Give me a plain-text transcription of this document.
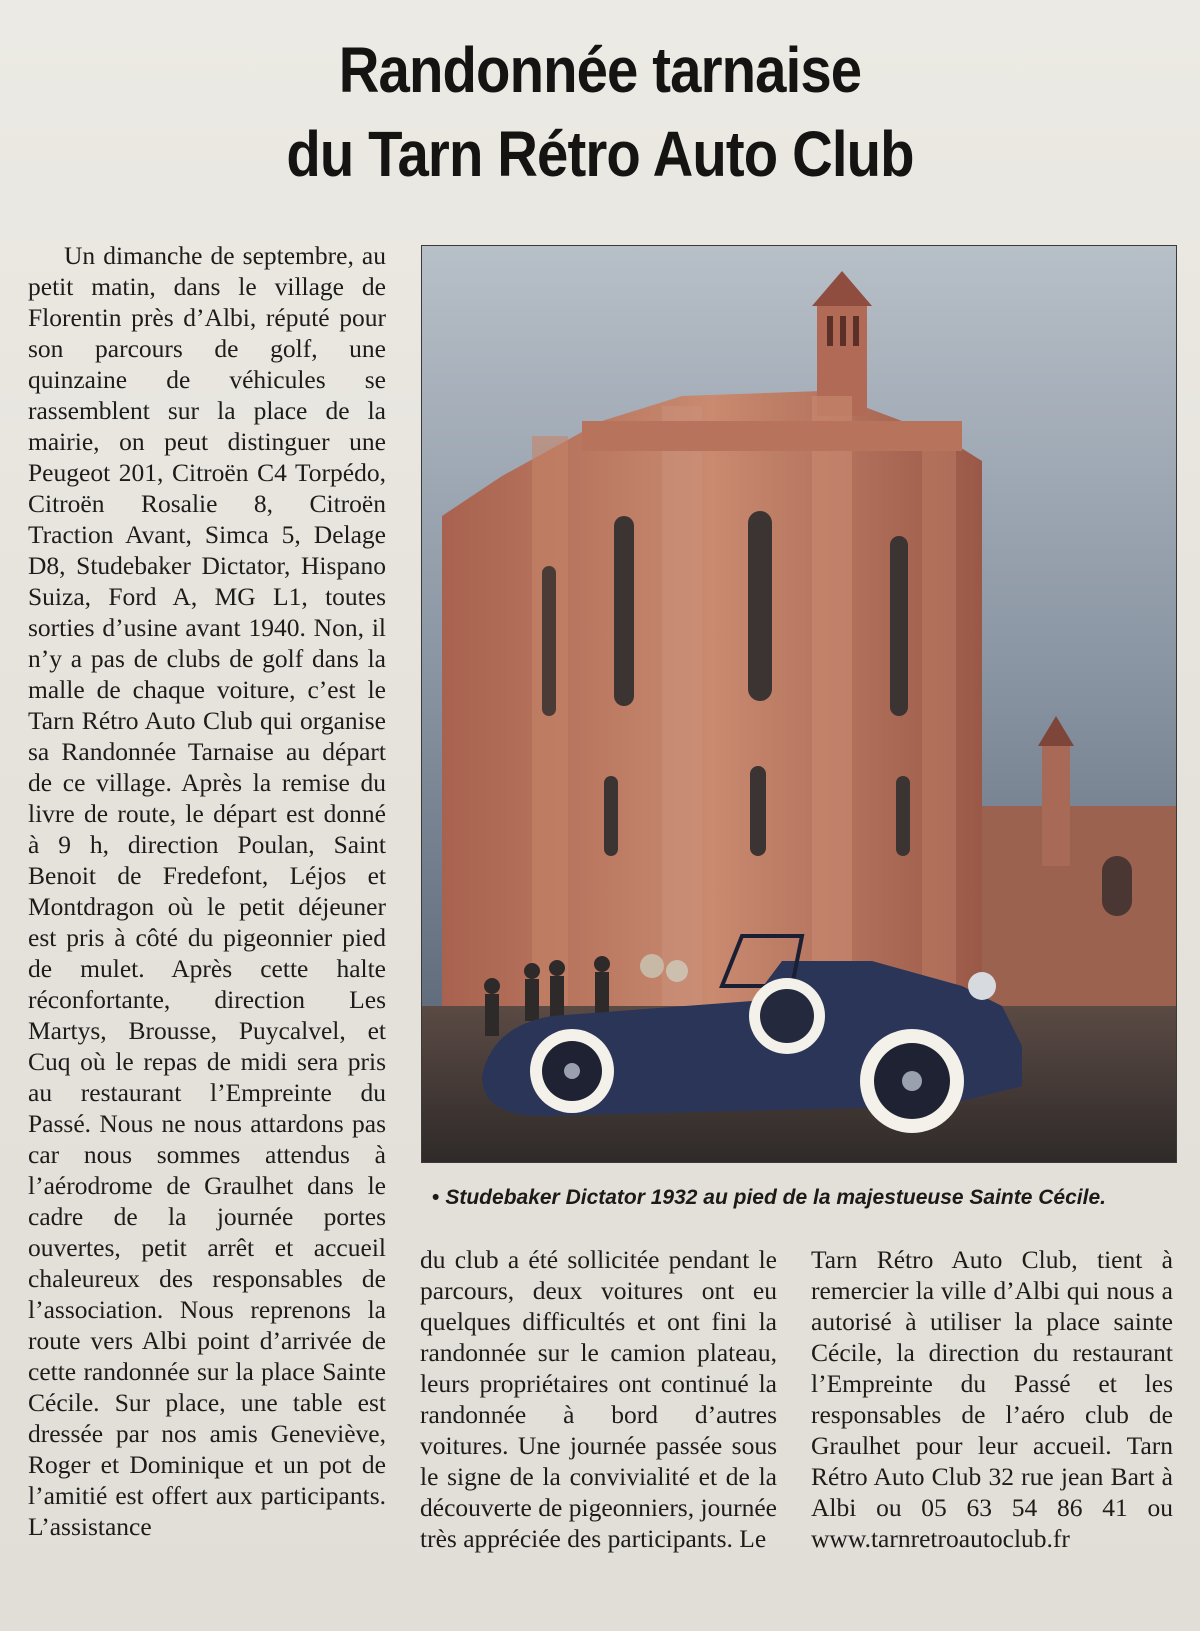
Randonnée tarnaise
du Tarn Rétro Auto Club

Un dimanche de septembre, au petit matin, dans le village de Florentin près d’Albi, réputé pour son parcours de golf, une quinzaine de véhicules se rassemblent sur la place de la mairie, on peut distinguer une Peugeot 201, Citroën C4 Torpédo, Citroën Rosalie 8, Citroën Traction Avant, Simca 5, Delage D8, Studebaker Dictator, Hispano Suiza, Ford A, MG L1, toutes sorties d’usine avant 1940. Non, il n’y a pas de clubs de golf dans la malle de chaque voiture, c’est le Tarn Rétro Auto Club qui organise sa Randonnée Tarnaise au départ de ce village. Après la remise du livre de route, le départ est donné à 9 h, direction Poulan, Saint Benoit de Fredefont, Léjos et Montdragon où le petit déjeuner est pris à côté du pigeonnier pied de mulet. Après cette halte réconfortante, direction Les Martys, Brousse, Puycalvel, et Cuq où le repas de midi sera pris au restaurant l’Empreinte du Passé. Nous ne nous attardons pas car nous sommes attendus à l’aérodrome de Graulhet dans le cadre de la journée portes ouvertes, petit arrêt et accueil chaleureux des responsables de l’association. Nous reprenons la route vers Albi point d’arrivée de cette randonnée sur la place Sainte Cécile. Sur place, une table est dressée par nos amis Geneviève, Roger et Dominique et un pot de l’amitié est offert aux participants. L’assistance

• Studebaker Dictator 1932 au pied de la majestueuse Sainte Cécile.

du club a été sollicitée pendant le parcours, deux voitures ont eu quelques difficultés et ont fini la randonnée sur le camion plateau, leurs propriétaires ont continué la randonnée à bord d’autres voitures. Une journée passée sous le signe de la convivialité et de la découverte de pigeonniers, journée très appréciée des participants. Le

Tarn Rétro Auto Club, tient à remercier la ville d’Albi qui nous a autorisé à utiliser la place sainte Cécile, la direction du restaurant l’Empreinte du Passé et les responsables de l’aéro club de Graulhet pour leur accueil. Tarn Rétro Auto Club 32 rue jean Bart à Albi ou 05 63 54 86 41 ou www.tarnretroautoclub.fr
